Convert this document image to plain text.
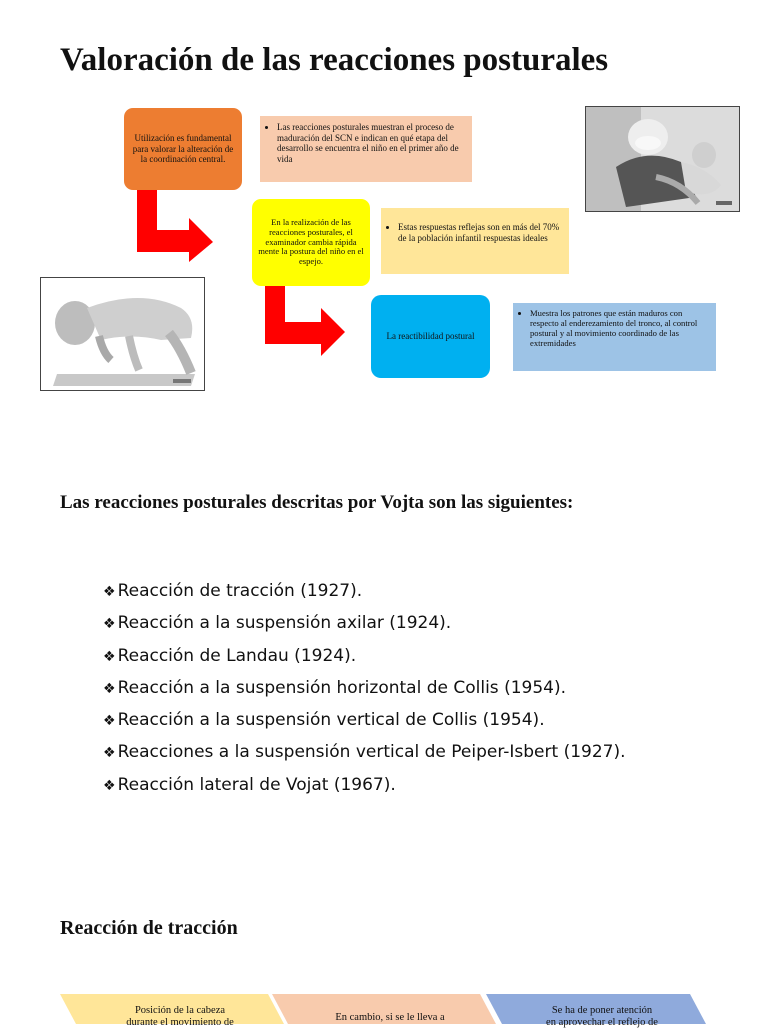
Valoración de las reacciones posturales
Utilización es fundamental para valorar la alteración de la coordinación central.
• Las reacciones posturales muestran el proceso de maduración del SCN e indican en qué etapa del desarrollo se encuentra el niño en el primer año de vida
En la realización de las reacciones posturales, el examinador cambia rápida mente la postura del niño en el espejo.
• Estas respuestas reflejas son en más del 70% de la población infantil respuestas ideales
La reactibilidad postural
• Muestra los patrones que están maduros con respecto al enderezamiento del tronco, al control postural y al movimiento coordinado de las extremidades
Las reacciones posturales descritas por Vojta son las siguientes:
❖ Reacción de tracción (1927).
❖ Reacción a la suspensión axilar (1924).
❖ Reacción de Landau (1924).
❖ Reacción a la suspensión horizontal de Collis (1954).
❖ Reacción a la suspensión vertical de Collis (1954).
❖ Reacciones a la suspensión vertical de Peiper-Isbert (1927).
❖ Reacción lateral de Vojat (1967).
Reacción de tracción
Posición de la cabeza
durante el movimiento de	En cambio, si se le lleva a
Se ha de poner atención
en aprovechar el reflejo de
